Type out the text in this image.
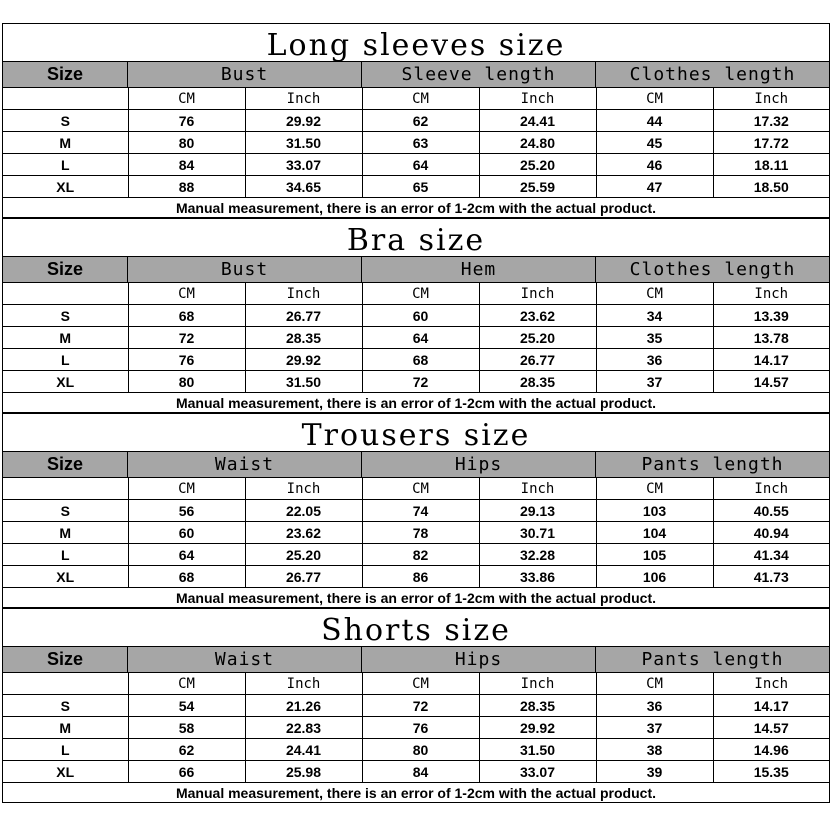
Long sleeves size
Size	Bust	Sleeve length	Clothes length
	CM	Inch	CM	Inch	CM	Inch
S	76	29.92	62	24.41	44	17.32
M	80	31.50	63	24.80	45	17.72
L	84	33.07	64	25.20	46	18.11
XL	88	34.65	65	25.59	47	18.50
Manual measurement, there is an error of 1-2cm with the actual product.
Bra size
Size	Bust	Hem	Clothes length
	CM	Inch	CM	Inch	CM	Inch
S	68	26.77	60	23.62	34	13.39
M	72	28.35	64	25.20	35	13.78
L	76	29.92	68	26.77	36	14.17
XL	80	31.50	72	28.35	37	14.57
Manual measurement, there is an error of 1-2cm with the actual product.
Trousers size
Size	Waist	Hips	Pants length
	CM	Inch	CM	Inch	CM	Inch
S	56	22.05	74	29.13	103	40.55
M	60	23.62	78	30.71	104	40.94
L	64	25.20	82	32.28	105	41.34
XL	68	26.77	86	33.86	106	41.73
Manual measurement, there is an error of 1-2cm with the actual product.
Shorts size
Size	Waist	Hips	Pants length
	CM	Inch	CM	Inch	CM	Inch
S	54	21.26	72	28.35	36	14.17
M	58	22.83	76	29.92	37	14.57
L	62	24.41	80	31.50	38	14.96
XL	66	25.98	84	33.07	39	15.35
Manual measurement, there is an error of 1-2cm with the actual product.
